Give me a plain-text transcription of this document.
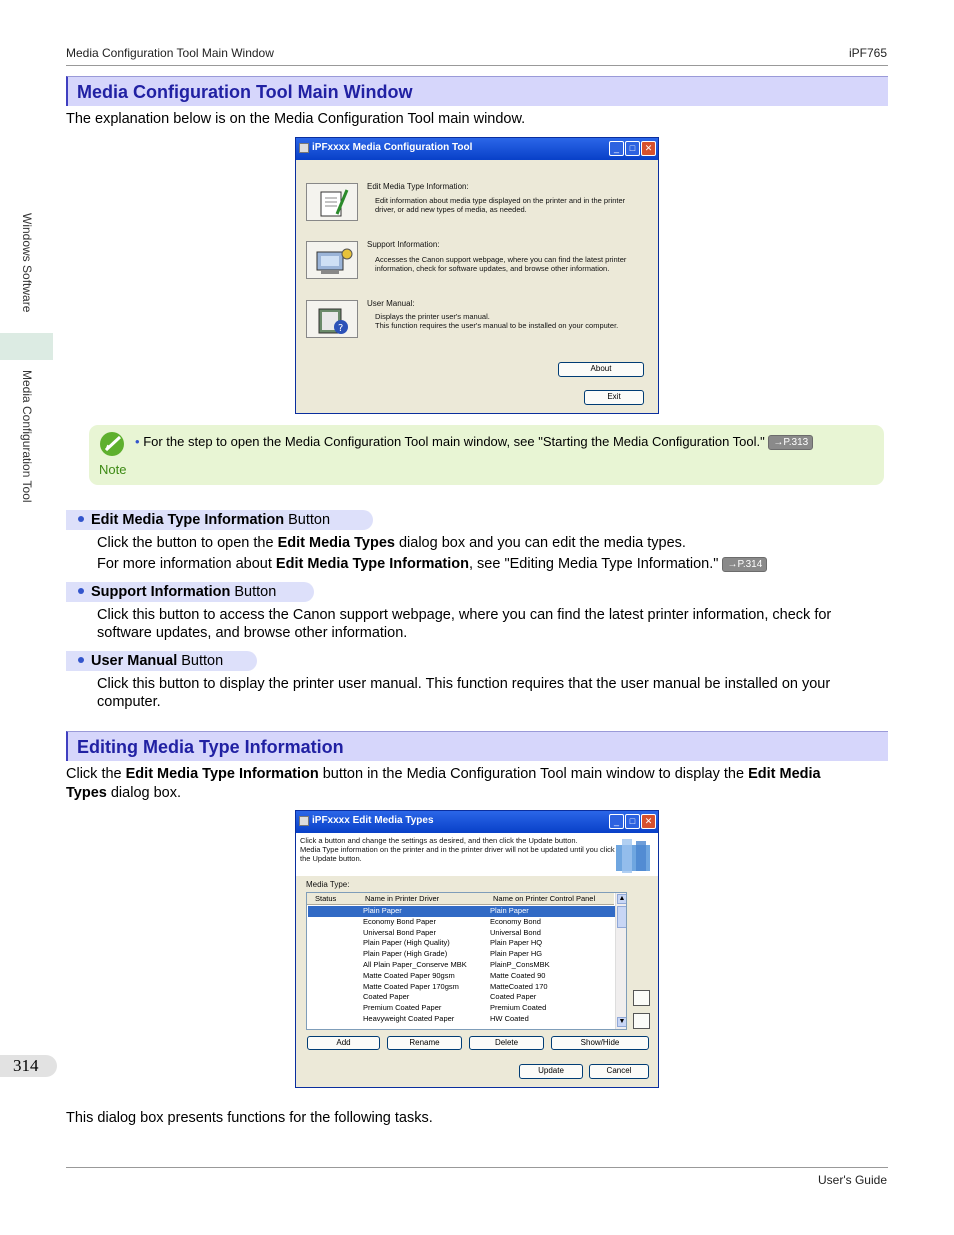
Media Configuration Tool Main Window	iPF765
Windows Software
Media Configuration Tool
314
Media Configuration Tool Main Window
The explanation below is on the Media Configuration Tool main window.
iPFxxxx Media Configuration Tool	_	□	✕
Edit Media Type Information:
Edit information about media type displayed on the printer and in the printer
driver, or add new types of media, as needed.
Support Information:
Accesses the Canon support webpage, where you can find the latest printer
information, check for software updates, and browse other information.
?
User Manual:
Displays the printer user's manual.
This function requires the user's manual to be installed on your computer.
About
Exit
Note
• For the step to open the Media Configuration Tool main window, see "Starting the Media Configuration Tool." →P.313
Edit Media Type Information Button
Click the button to open the Edit Media Types dialog box and you can edit the media types.
For more information about Edit Media Type Information, see "Editing Media Type Information." →P.314
Support Information Button
Click this button to access the Canon support webpage, where you can find the latest printer information, check for
software updates, and browse other information.
User Manual Button
Click this button to display the printer user manual. This function requires that the user manual be installed on your
computer.
Editing Media Type Information
Click the Edit Media Type Information button in the Media Configuration Tool main window to display the Edit Media
Types dialog box.
iPFxxxx Edit Media Types	_	□	✕
Click a button and change the settings as desired, and then click the Update button.
Media Type information on the printer and in the printer driver will not be updated until you click
the Update button.
Media Type:
Status	Name in Printer Driver	Name on Printer Control Panel
Plain Paper	Plain Paper
Economy Bond Paper	Economy Bond
Universal Bond Paper	Universal Bond
Plain Paper (High Quality)	Plain Paper HQ
Plain Paper (High Grade)	Plain Paper HG
All Plain Paper_Conserve MBK	PlainP_ConsMBK
Matte Coated Paper 90gsm	Matte Coated 90
Matte Coated Paper 170gsm	MatteCoated 170
Coated Paper	Coated Paper
Premium Coated Paper	Premium Coated
Heavyweight Coated Paper	HW Coated
▲
▼
Add	Rename	Delete	Show/Hide
Update	Cancel
This dialog box presents functions for the following tasks.
User's Guide
